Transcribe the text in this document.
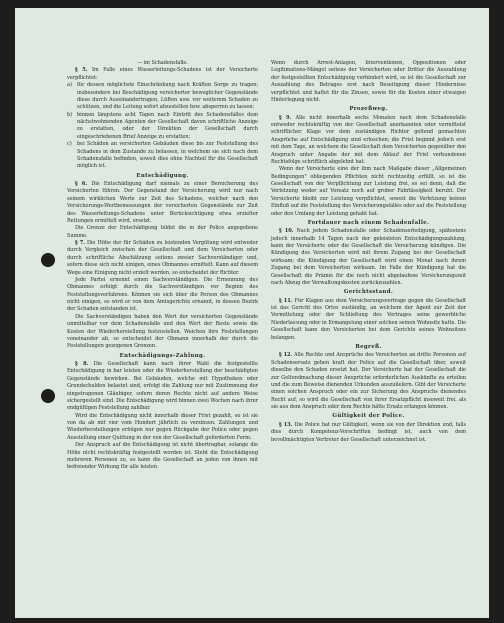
— im Schadensfalle.

§ 5. Im Falle eines Wasserleitungs-Schadens ist der Versicherte verpflichtet:

a) für dessen möglichste Einschränkung nach Kräften Sorge zu tragen; insbesondere bei Beschädigung versicherter beweglicher Gegenstände diese durch Auseinandertragen, Lüften usw. vor weiterem Schaden zu schützen, und die Leitung sofort abzustellen bzw. absperren zu lassen;

b) binnen längstens acht Tagen nach Eintritt des Schadensfalles dem nächstwohnenden Agenten der Gesellschaft davon schriftliche Anzeige zu erstatten, oder der Direktion der Gesellschaft durch eingeschriebenen Brief Anzeige zu erstatten;

c) bei Schäden an versicherten Gebäuden diese bis zur Feststellung des Schadens in dem Zustande zu belassen, in welchem sie sich nach dem Schadensfalle befinden, soweit dies ohne Nachteil für die Gesellschaft möglich ist.

Entschädigung.

§ 6. Die Entschädigung darf niemals zu einer Bereicherung des Versicherten führen. Der Gegenstand der Versicherung wird nur nach seinem wirklichen Werte zur Zeit des Schadens, welcher nach den Versicherungs-Wertbemessungen der versicherten Gegenstände zur Zeit des Wasserleitungs-Schadens unter Berücksichtigung etwa erzielter Rettungen ermittelt wird, ersetzt.

Die Grenze der Entschädigung bildet die in der Police angegebene Summe.

§ 7. Die Höhe der für Schäden zu leistenden Vergütung wird entweder durch Vergleich zwischen der Gesellschaft und dem Versicherten oder durch schriftliche Abschätzung seitens zweier Sachverständiger und, sofern diese sich nicht einigen, eines Obmannes ermittelt. Kann auf diesem Wege eine Einigung nicht erzielt werden, so entscheidet der Richter.

Jede Partei ernennt einen Sachverständigen. Die Ernennung des Obmannes erfolgt durch die Sachverständigen vor Beginn des Feststellungsverfahrens. Können sie sich über die Person des Obmannes nicht einigen, so wird er von dem Amtsgerichte ernannt, in dessen Bezirk der Schaden entstanden ist.

Die Sachverständigen haben den Wert der versicherten Gegenstände unmittelbar vor dem Schadensfalle und den Wert der Reste sowie die Kosten der Wiederherstellung festzustellen. Weichen ihre Feststellungen voneinander ab, so entscheidet der Obmann innerhalb der durch die Feststellungen gezogenen Grenzen.

Entschädigungs-Zahlung.

§ 8. Die Gesellschaft kann nach ihrer Wahl die festgestellte Entschädigung in bar leisten oder die Wiederherstellung der beschädigten Gegenstände bewirken. Bei Gebäuden, welche mit Hypotheken oder Grundschulden belastet sind, erfolgt die Zahlung nur mit Zustimmung der eingetragenen Gläubiger, sofern deren Rechte nicht auf andere Weise sichergestellt sind. Die Entschädigung wird binnen zwei Wochen nach ihrer endgültigen Feststellung zahlbar.

Wird die Entschädigung nicht innerhalb dieser Frist gezahlt, so ist sie von da ab mit vier vom Hundert jährlich zu verzinsen. Zahlungen und Wiederherstellungen erfolgen nur gegen Rückgabe der Police oder gegen Ausstellung einer Quittung in der von der Gesellschaft geforderten Form.

Der Anspruch auf die Entschädigung ist nicht übertragbar, solange die Höhe nicht rechtskräftig festgestellt worden ist. Steht die Entschädigung mehreren Personen zu, so kann die Gesellschaft an jeden von ihnen mit befreiender Wirkung für alle leisten.

Wenn durch Arrest-Anlagen, Interventionen, Oppositionen oder Legitimations-Mängel seitens der Versicherten oder Dritter die Auszahlung der festgestellten Entschädigung verhindert wird, so ist die Gesellschaft zur Auszahlung des Betrages erst nach Beseitigung dieser Hindernisse verpflichtet und haftet für die Zinsen, sowie für die Kosten einer etwaigen Hinterlegung nicht.

Prozeßweg.

§ 9. Alle nicht innerhalb sechs Monaten nach dem Schadensfalle entweder rechtskräftig von der Gesellschaft anerkannten oder vermittelst schriftlicher Klage vor dem zuständigen Richter geltend gemachten Ansprüche auf Entschädigung sind erloschen; die Frist beginnt jedoch erst mit dem Tage, an welchem die Gesellschaft dem Versicherten gegenüber den Anspruch unter Angabe der mit dem Ablauf der Frist verbundenen Rechtsfolge schriftlich abgelehnt hat.

Wenn der Versicherte eine der ihm nach Maßgabe dieser „Allgemeinen Bedingungen" obliegenden Pflichten nicht rechtzeitig erfüllt, so ist die Gesellschaft von der Verpflichtung zur Leistung frei, es sei denn, daß die Verletzung weder auf Vorsatz noch auf grober Fahrlässigkeit beruht. Der Versicherte bleibt zur Leistung verpflichtet, soweit die Verletzung keinen Einfluß auf die Feststellung des Versicherungsfalles oder auf die Feststellung oder den Umfang der Leistung gehabt hat.

Fortdauer nach einem Schadenfalle.

§ 10. Nach jedem Schadensfalle oder Schadenserledigung, spätestens jedoch innerhalb 14 Tagen nach der geleisteten Entschädigungszahlung, kann der Versicherte oder die Gesellschaft die Versicherung kündigen. Die Kündigung des Versicherten wird mit ihrem Zugang bei der Gesellschaft wirksam; die Kündigung der Gesellschaft wird einen Monat nach ihrem Zugang bei dem Versicherten wirksam. Im Falle der Kündigung hat die Gesellschaft die Prämie für die noch nicht abgelaufene Versicherungszeit nach Abzug der Verwaltungskosten zurückzuzahlen.

Gerichtsstand.

§ 11. Für Klagen aus dem Versicherungsvertrage gegen die Gesellschaft ist das Gericht des Ortes zuständig, an welchem der Agent zur Zeit der Vermittelung oder der Schließung des Vertrages seine gewerbliche Niederlassung oder in Ermangelung einer solchen seinen Wohnsitz hatte. Die Gesellschaft kann den Versicherten bei dem Gerichte seines Wohnsitzes belangen.

Regreß.

§ 12. Alle Rechte und Ansprüche des Versicherten an dritte Personen auf Schadensersatz gehen kraft der Police auf die Gesellschaft über, soweit dieselbe den Schaden ersetzt hat. Der Versicherte hat der Gesellschaft die zur Geltendmachung dieser Ansprüche erforderlichen Auskünfte zu erteilen und die zum Beweise dienenden Urkunden auszuliefern. Gibt der Versicherte einen solchen Anspruch oder ein zur Sicherung des Anspruchs dienendes Recht auf, so wird die Gesellschaft von ihrer Ersatzpflicht insoweit frei, als sie aus dem Anspruch oder dem Rechte hätte Ersatz erlangen können.

Gültigkeit der Police.

§ 13. Die Police hat nur Gültigkeit, wenn sie von der Direktion und, falls dies durch Kompetenz-Vorschriften bedingt ist, auch von dem bevollmächtigten Vertreter der Gesellschaft unterzeichnet ist.
